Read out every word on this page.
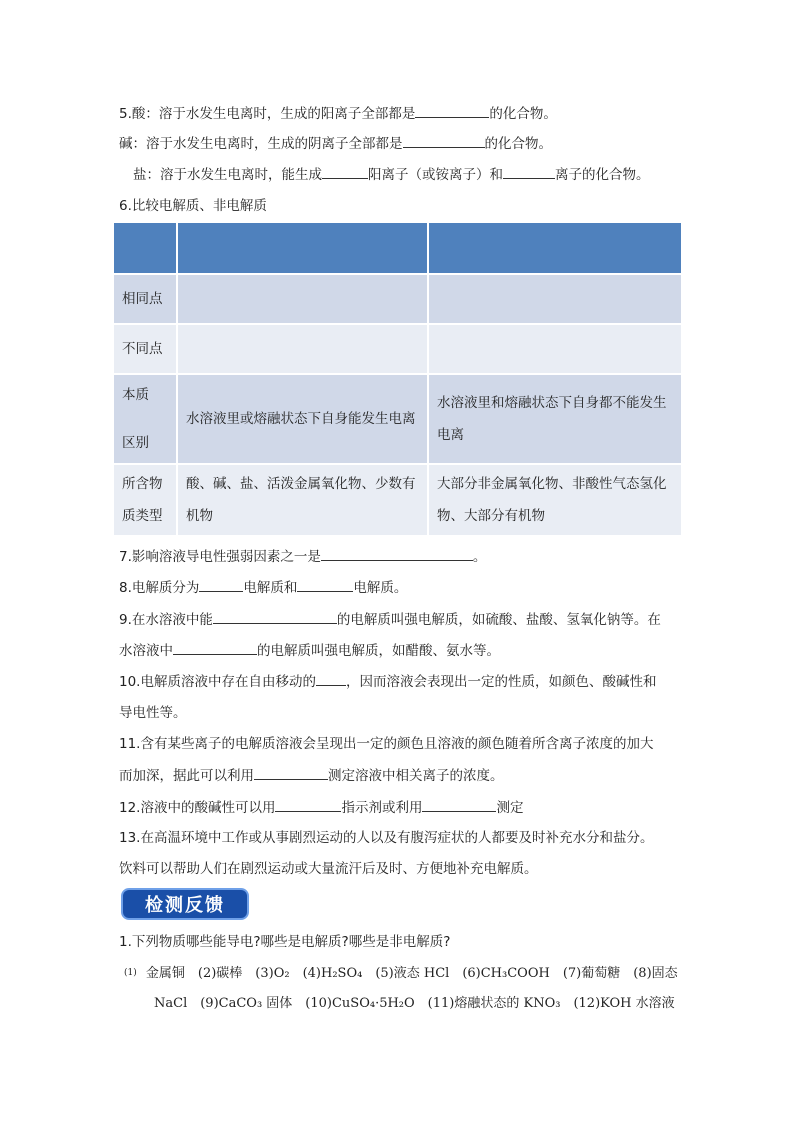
5.酸：溶于水发生电离时，生成的阳离子全部都是	的化合物。
碱：溶于水发生电离时，生成的阴离子全部都是	的化合物。
盐：溶于水发生电离时，能生成	阳离子（或铵离子）和	离子的化合物。
6.比较电解质、非电解质

相同点		
不同点		

本质
区别	水溶液里或熔融状态下自身能发生电离	水溶液里和熔融状态下自身都不能发生电离
所含物质类型	酸、碱、盐、活泼金属氧化物、少数有机物	大部分非金属氧化物、非酸性气态氢化物、大部分有机物
7.影响溶液导电性强弱因素之一是	。
8.电解质分为	电解质和	电解质。
9.在水溶液中能	的电解质叫强电解质，如硫酸、盐酸、氢氧化钠等。在
水溶液中	的电解质叫强电解质，如醋酸、氨水等。
10.电解质溶液中存在自由移动的 ，因而溶液会表现出一定的性质，如颜色、酸碱性和
导电性等。
11.含有某些离子的电解质溶液会呈现出一定的颜色且溶液的颜色随着所含离子浓度的加大
而加深，据此可以利用	测定溶液中相关离子的浓度。
12.溶液中的酸碱性可以用	指示剂或利用	测定
13.在高温环境中工作或从事剧烈运动的人以及有腹泻症状的人都要及时补充水分和盐分。
饮料可以帮助人们在剧烈运动或大量流汗后及时、方便地补充电解质。
检测反馈
1.下列物质哪些能导电?哪些是电解质?哪些是非电解质?
(1) 金属铜　(2)碳棒　(3)O₂　(4)H₂SO₄　(5)液态 HCl　(6)CH₃COOH　(7)葡萄糖　(8)固态
NaCl　(9)CaCO₃ 固体　(10)CuSO₄·5H₂O　(11)熔融状态的 KNO₃　(12)KOH 水溶液
